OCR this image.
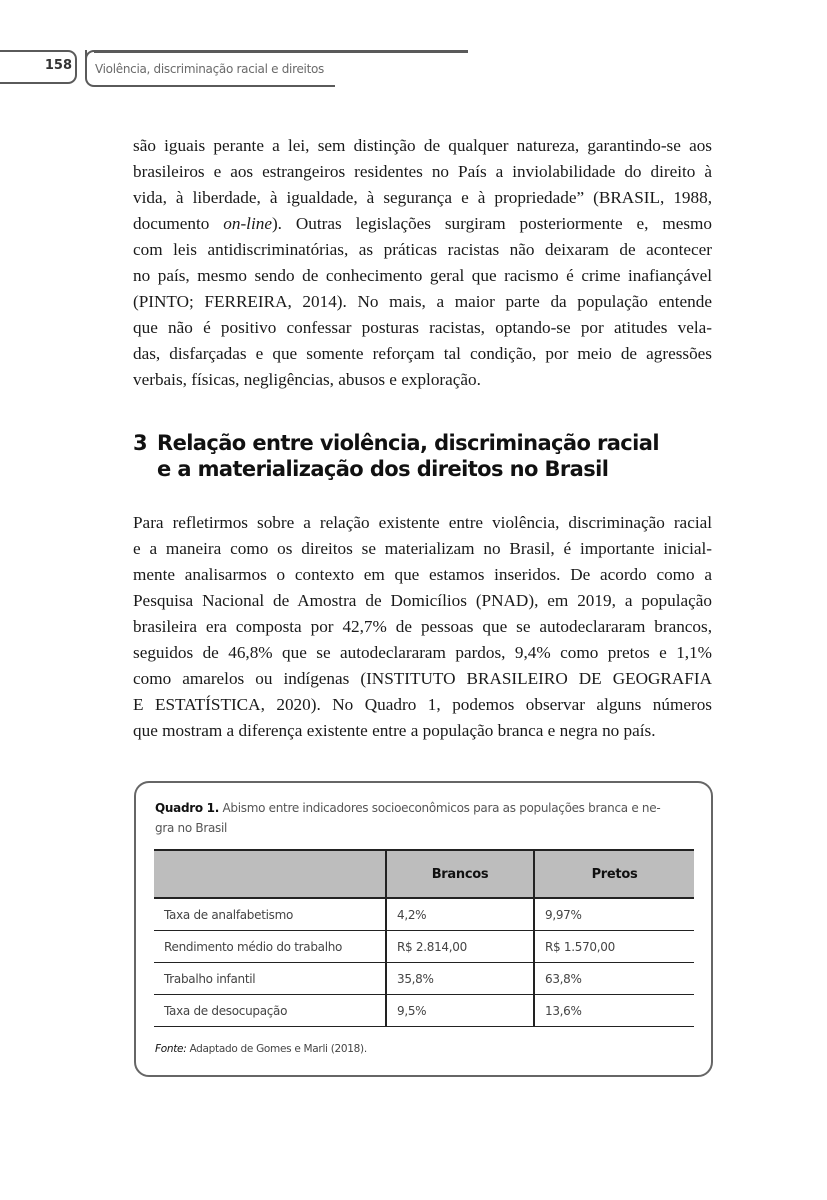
158 Violência, discriminação racial e direitos
são iguais perante a lei, sem distinção de qualquer natureza, garantindo-se aos
brasileiros e aos estrangeiros residentes no País a inviolabilidade do direito à
vida, à liberdade, à igualdade, à segurança e à propriedade” (BRASIL, 1988,
documento on-line). Outras legislações surgiram posteriormente e, mesmo
com leis antidiscriminatórias, as práticas racistas não deixaram de acontecer
no país, mesmo sendo de conhecimento geral que racismo é crime inafiançável
(PINTO; FERREIRA, 2014). No mais, a maior parte da população entende
que não é positivo confessar posturas racistas, optando-se por atitudes vela-
das, disfarçadas e que somente reforçam tal condição, por meio de agressões
verbais, físicas, negligências, abusos e exploração.
3 Relação entre violência, discriminação racial
e a materialização dos direitos no Brasil
Para refletirmos sobre a relação existente entre violência, discriminação racial
e a maneira como os direitos se materializam no Brasil, é importante inicial-
mente analisarmos o contexto em que estamos inseridos. De acordo como a
Pesquisa Nacional de Amostra de Domicílios (PNAD), em 2019, a população
brasileira era composta por 42,7% de pessoas que se autodeclararam brancos,
seguidos de 46,8% que se autodeclararam pardos, 9,4% como pretos e 1,1%
como amarelos ou indígenas (INSTITUTO BRASILEIRO DE GEOGRAFIA
E ESTATÍSTICA, 2020). No Quadro 1, podemos observar alguns números
que mostram a diferença existente entre a população branca e negra no país.
Quadro 1. Abismo entre indicadores socioeconômicos para as populações branca e ne-
gra no Brasil
	Brancos	Pretos
Taxa de analfabetismo	4,2%	9,97%
Rendimento médio do trabalho	R$ 2.814,00	R$ 1.570,00
Trabalho infantil	35,8%	63,8%
Taxa de desocupação	9,5%	13,6%
Fonte: Adaptado de Gomes e Marli (2018).
